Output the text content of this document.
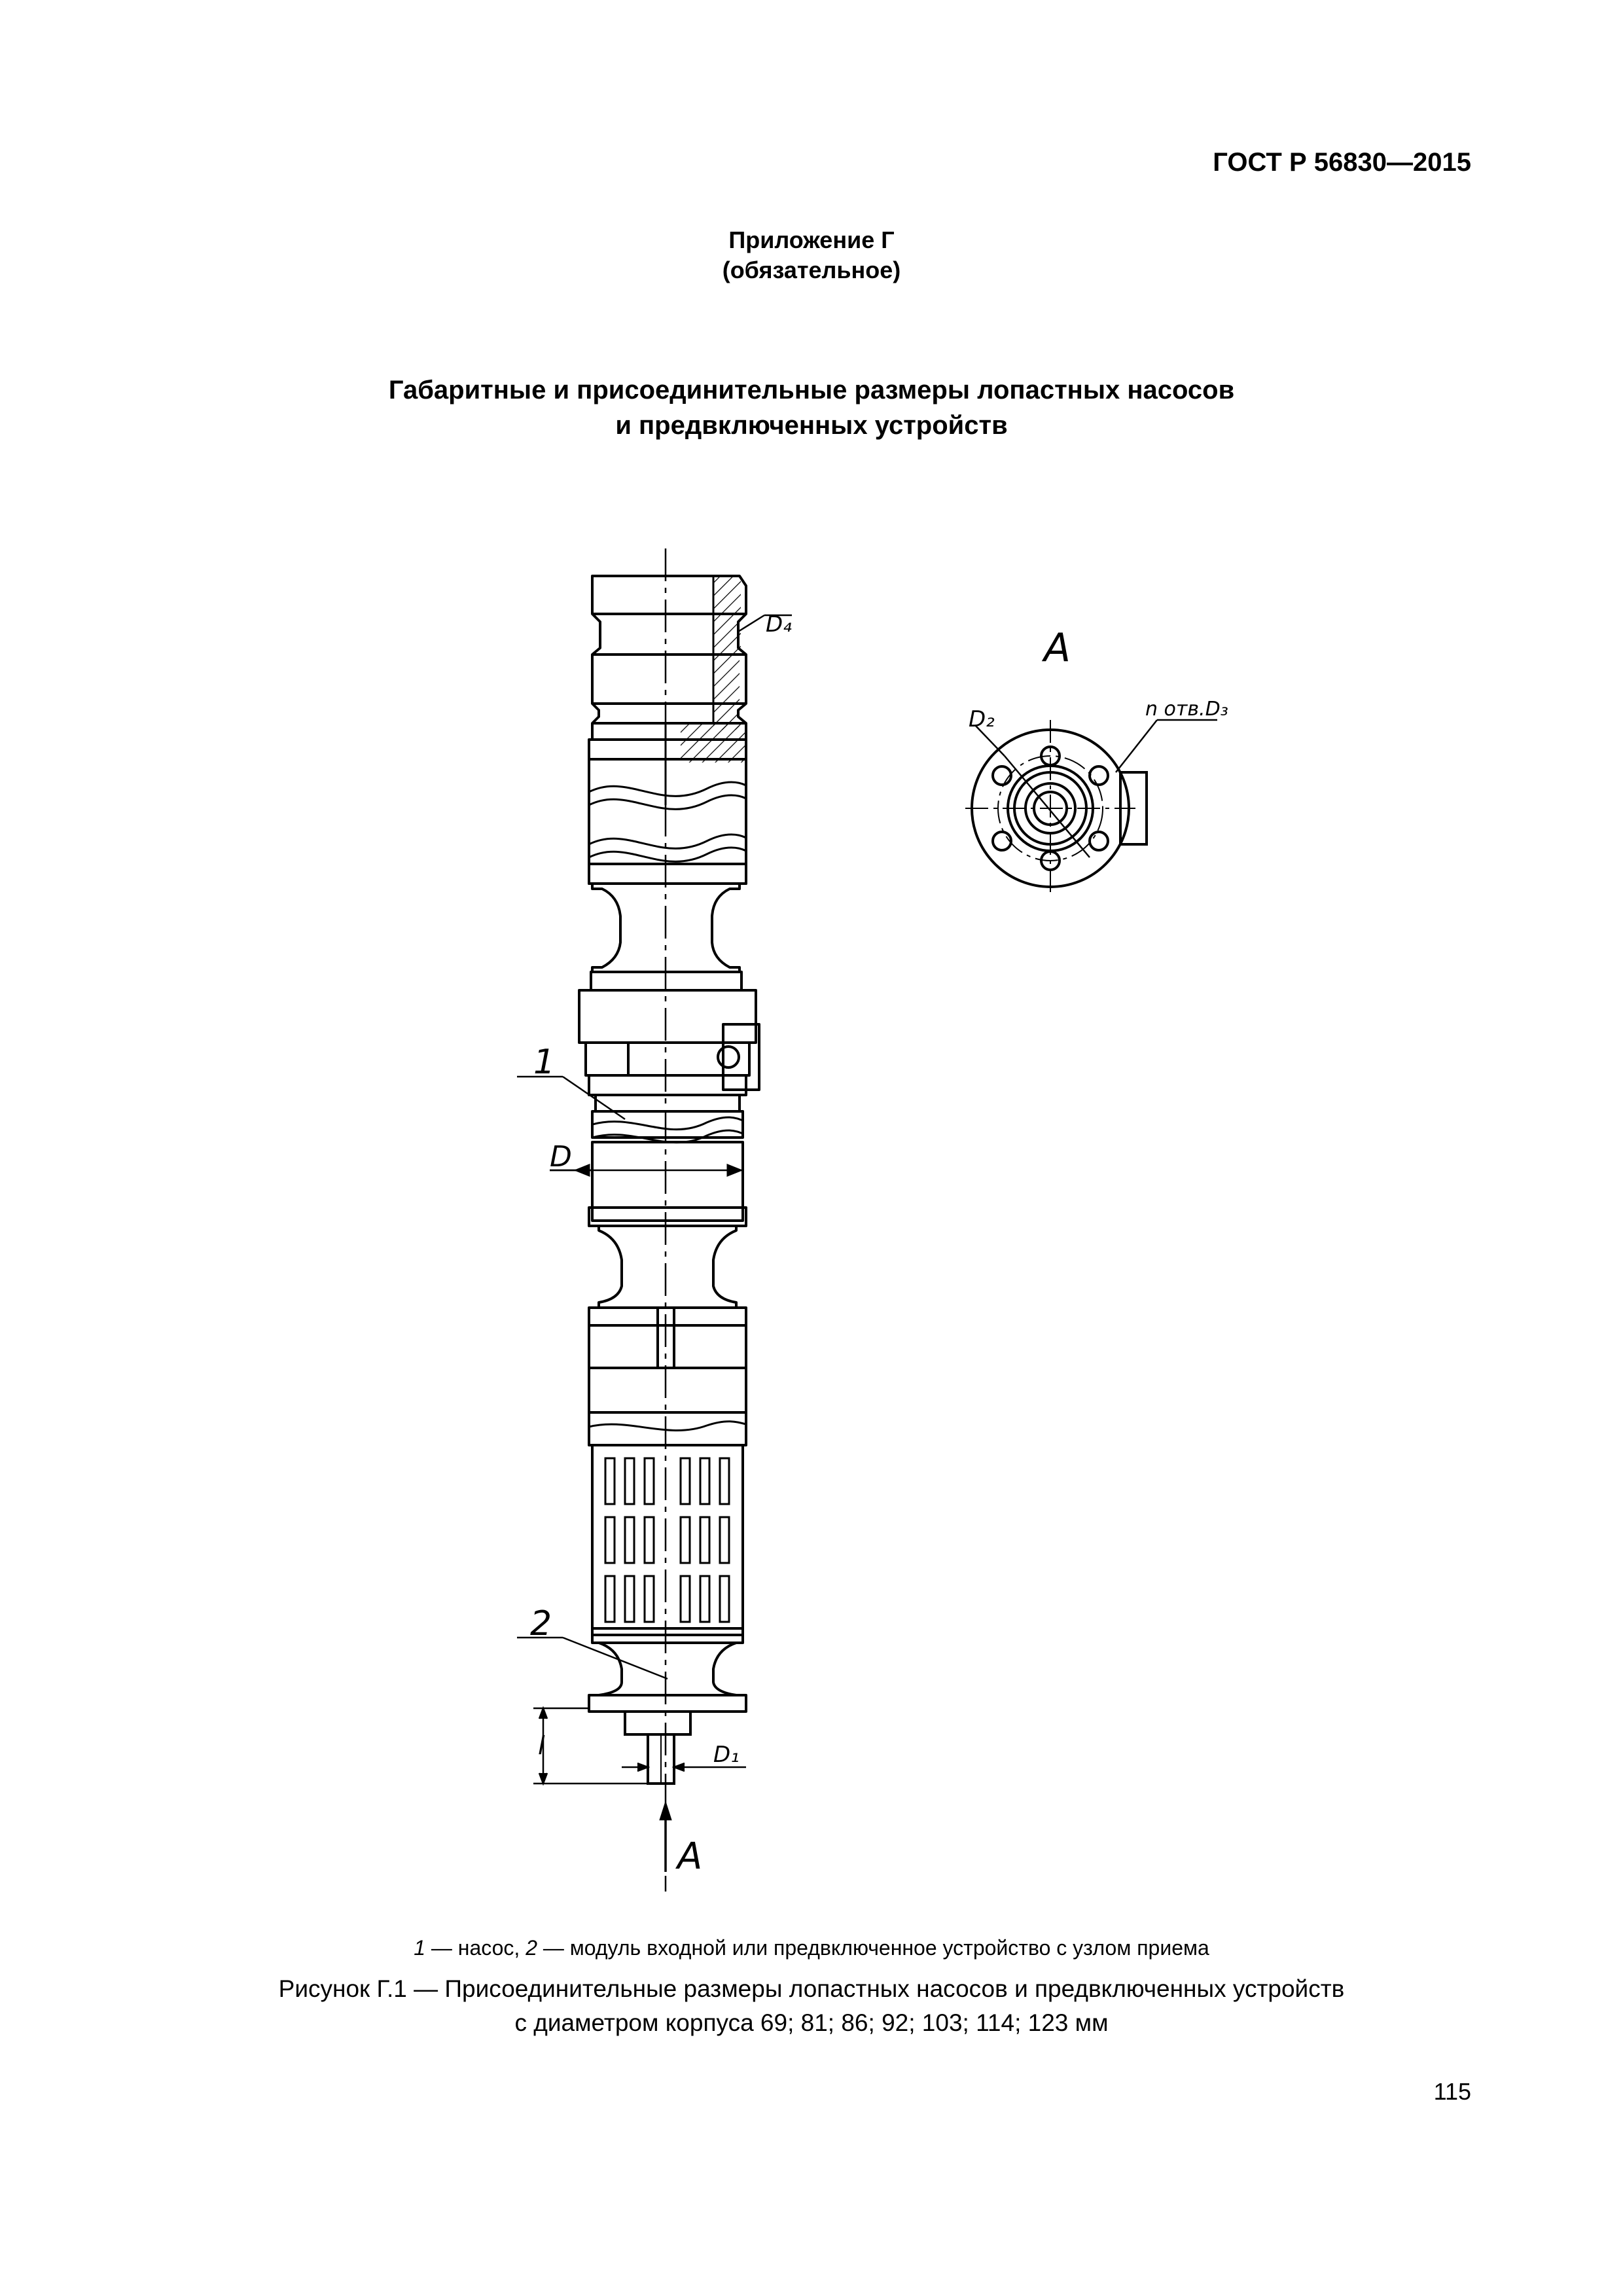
ГОСТ Р 56830—2015
Приложение Г
(обязательное)
Габаритные и присоединительные размеры лопастных насосов
и предвключенных устройств
D₄
A
D₂	n отв.D₃
1
D
2
l	D₁
A
1 — насос, 2 — модуль входной или предвключенное устройство с узлом приема
Рисунок Г.1 — Присоединительные размеры лопастных насосов и предвключенных устройств
с диаметром корпуса 69; 81; 86; 92; 103; 114; 123 мм
115
